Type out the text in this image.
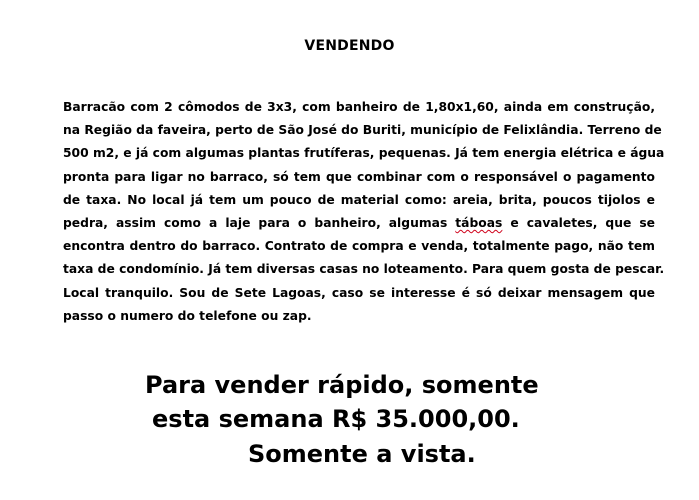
VENDENDO
Barracão com 2 cômodos de 3x3, com banheiro de 1,80x1,60, ainda em construção,
na Região da faveira, perto de São José do Buriti, município de Felixlândia. Terreno de
500 m2, e já com algumas plantas frutíferas, pequenas. Já tem energia elétrica e água
pronta para ligar no barraco, só tem que combinar com o responsável o pagamento
de taxa. No local já tem um pouco de material como: areia, brita, poucos tijolos e
pedra, assim como a laje para o banheiro, algumas táboas e cavaletes, que se
encontra dentro do barraco. Contrato de compra e venda, totalmente pago, não tem
taxa de condomínio. Já tem diversas casas no loteamento. Para quem gosta de pescar.
Local tranquilo. Sou de Sete Lagoas, caso se interesse é só deixar mensagem que
passo o numero do telefone ou zap.
Para vender rápido, somente
esta semana R$ 35.000,00.
Somente a vista.
